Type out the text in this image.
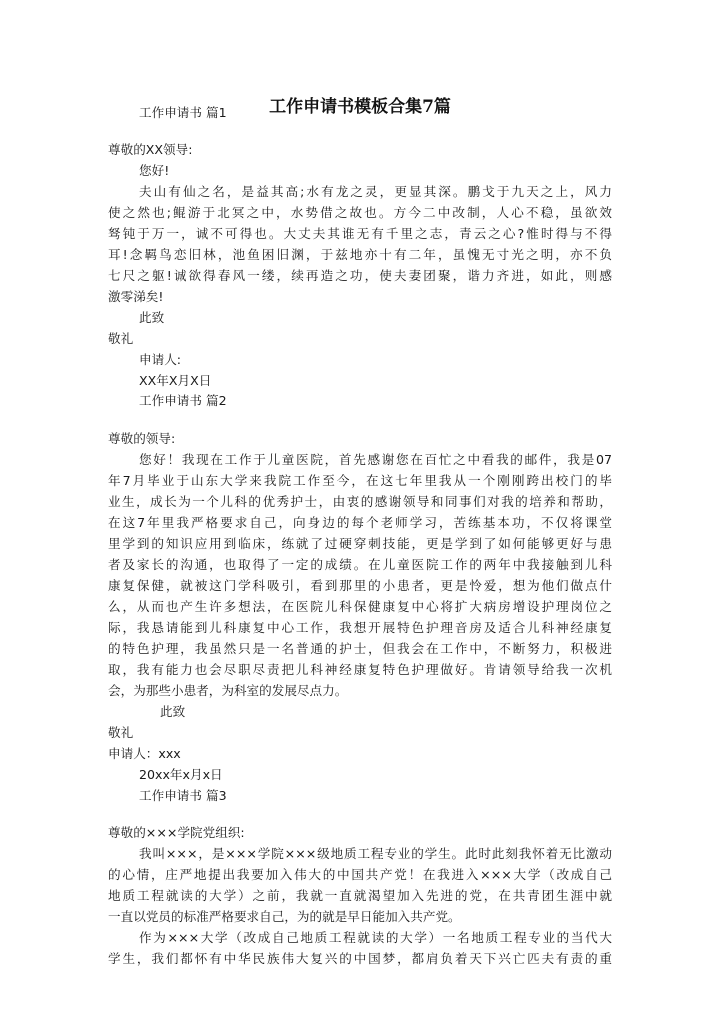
工作申请书模板合集7篇
工作申请书 篇1
尊敬的XX领导:
您好!
夫山有仙之名，是益其高;水有龙之灵，更显其深。鹏戈于九天之上，风力
使之然也;鲲游于北冥之中，水势借之故也。方今二中改制，人心不稳，虽欲效
驽钝于万一，诚不可得也。大丈夫其谁无有千里之志，青云之心?惟时得与不得
耳!念羁鸟恋旧林，池鱼困旧渊，于兹地亦十有二年，虽愧无寸光之明，亦不负
七尺之躯!诚欲得春风一缕，续再造之功，使夫妻团聚，谐力齐进，如此，则感
激零涕矣!
此致
敬礼
申请人:
XX年X月X日
工作申请书 篇2
尊敬的领导:
您好！我现在工作于儿童医院，首先感谢您在百忙之中看我的邮件，我是07
年7月毕业于山东大学来我院工作至今，在这七年里我从一个刚刚跨出校门的毕
业生，成长为一个儿科的优秀护士，由衷的感谢领导和同事们对我的培养和帮助，
在这7年里我严格要求自己，向身边的每个老师学习，苦练基本功，不仅将课堂
里学到的知识应用到临床，练就了过硬穿刺技能，更是学到了如何能够更好与患
者及家长的沟通，也取得了一定的成绩。在儿童医院工作的两年中我接触到儿科
康复保健，就被这门学科吸引，看到那里的小患者，更是怜爱，想为他们做点什
么，从而也产生许多想法，在医院儿科保健康复中心将扩大病房增设护理岗位之
际，我恳请能到儿科康复中心工作，我想开展特色护理音房及适合儿科神经康复
的特色护理，我虽然只是一名普通的护士，但我会在工作中，不断努力，积极进
取，我有能力也会尽职尽责把儿科神经康复特色护理做好。肯请领导给我一次机
会，为那些小患者，为科室的发展尽点力。
此致
敬礼
申请人：xxx
20xx年x月x日
工作申请书 篇3
尊敬的×××学院党组织:
我叫×××，是×××学院×××级地质工程专业的学生。此时此刻我怀着无比激动
的心情，庄严地提出我要加入伟大的中国共产党！在我进入×××大学（改成自己
地质工程就读的大学）之前，我就一直就渴望加入先进的党，在共青团生涯中就
一直以党员的标准严格要求自己，为的就是早日能加入共产党。
作为×××大学（改成自己地质工程就读的大学）一名地质工程专业的当代大
学生，我们都怀有中华民族伟大复兴的中国梦，都肩负着天下兴亡匹夫有责的重
